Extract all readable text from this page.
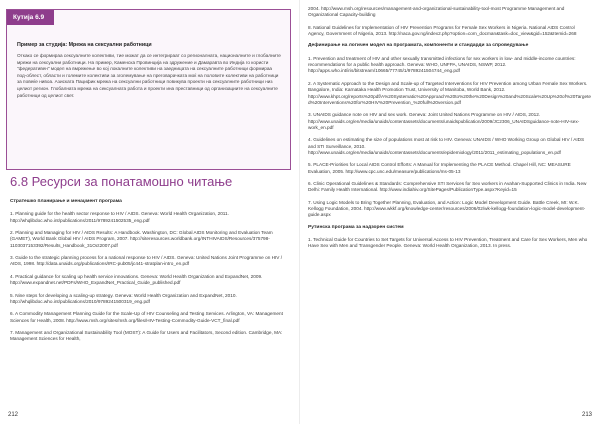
Кутија 6.9
Пример за студија: Мрежа на сексуални работници
Откако се формираа сексуалните колективи, тие можат да се интегрираат со регионалната, националните и глобалните мрежи на сексуални работници. На пример, Каменска Провинција на здружение и Дамаравта во Индија го користи "федеративен" модел на вмрежење во кој локалните колективи на заедницата на сексуалните работници формираа под-облест, области и големите колективи за зголемување на преговарачката моќ на половите колективи на работници за повеќе нивоа. Азиската Пацифик мрежа на сексуални работници повикува проекти на сексуалните работници низ целиот регион. Глобалната мрежа на сексуалната работа и проекти ина преставници од организациите на сексуалните работници од целиот свет.
6.8 Ресурси за понатамошно читање
Стратешко планирање и менаџмент програма

1. Planning guide for the health sector response to HIV / AIDS. Geneva: World Health Organization, 2011. http://whqlibdoc.who.int/publications/2011/9789241502535_eng.pdf

2. Planning and Managing for HIV / AIDS Results: A Handbook. Washington, DC: Global AIDS Monitoring and Evaluation Team (GAMET), World Bank Global HIV / AIDS Program, 2007. http://siteresources.worldbank.org/INTHIVAIDS/Resources/375798-1103037153392/Results_Handbook_31Oct2007.pdf

3. Guide to the strategic planning process for a national response to HIV / AIDS. Geneva: United Nations Joint Programme on HIV / AIDS, 1998. http://data.unaids.org/publications/IRC-pub05/jc441-stratplan-intro_en.pdf

4. Practical guidance for scaling up health service innovations. Geneva: World Health Organization and ExpandNet, 2009. http://www.expandnet.net/PDFs/WHO_ExpandNet_Practical_Guide_published.pdf

5. Nine steps for developing a scaling-up strategy. Geneva: World Health Organization and ExpandNet, 2010. http://whqlibdoc.who.int/publications/2010/9789241500319_eng.pdf

6. A Commodity Management Planning Guide for the Scale-Up of HIV Counseling and Testing Services. Arlington, VA: Management Sciences for Health, 2008. http://www.msh.org/sites/msh.org/files/HIV-Testing-Commodity-Guide-VCT_final.pdf

7. Management and Organizational Sustainability Tool (MOST): A Guide for Users and Facilitators, Second edition. Cambridge, MA: Management Sciences for Health,

212

2004. http://www.msh.org/resources/management-and-organizational-sustainability-tool-most Programme Management and Organizational Capacity-building

8. National Guidelines for Implementation of HIV Prevention Programs for Female Sex Workers in Nigeria. National AIDS Control Agency, Government of Nigeria, 2013. http://naca.gov.ng/index2.php?option=com_docman&task=doc_view&gid=152&Itemid=268

Дефинирање на логичен модел на програмата, компоненти и стандарди за спроведување

1. Prevention and treatment of HIV and other sexually transmitted infections for sex workers in low- and middle-income countries: recommendations for a public health approach. Geneva: WHO, UNFPA, UNAIDS, NSWP, 2012. http://apps.who.int/iris/bitstream/10665/77745/1/9789241504744_eng.pdf

2. A Systematic Approach to the Design and Scale-up of Targeted Interventions for HIV Prevention among Urban Female Sex Workers. Bangalore, India: Karnataka Health Promotion Trust, University of Manitoba, World Bank, 2012. http://www.khpt.org/reports%20pdf/A%20Systematic%20Approach%20to%20the%20Design%20and%20Scale%20Up%20of%20Targeted%20Interventions%20for%20HIV%20Prevention_%20full%20version.pdf

3. UNAIDS guidance note on HIV and sex work. Geneva: Joint United Nations Programme on HIV / AIDS, 2012. http://www.unaids.org/en/media/unaids/contentassets/documents/unaidspublication/2009/JC2306_UNAIDSguidance-note-HIV-sex-work_en.pdf

4. Guidelines on estimating the size of populations most at risk to HIV. Geneva: UNAIDS / WHO Working Group on Global HIV / AIDS and STI Surveillance, 2010. http://www.unaids.org/en/media/unaids/contentassets/documents/epidemiology/2011/2011_estimating_populations_en.pdf

5. PLACE-Priorities for Local AIDS Control Efforts: A Manual for Implementing the PLACE Method. Chapel Hill, NC: MEASURE Evaluation, 2005. http://www.cpc.unc.edu/measure/publications/ms-05-13

6. Clinic Operational Guidelines & Standards: Comprehensive STI Services for Sex workers in Avahan-Supported Clinics in India. New Delhi: Family Health International. http://www.indiahiv.org/SitePages/PublicationType.aspx?Keyid=15

7. Using Logic Models to Bring Together Planning, Evaluation, and Action: Logic Model Development Guide. Battle Creek, MI: W.K. Kellogg Foundation, 2004. http://www.wkkf.org/knowledge-center/resources/2006/02/wk-kellogg-foundation-logic-model-development-guide.aspx

Рутинска програма за надзорен систем

1. Technical Guide for Countries to Set Targets for Universal Access to HIV Prevention, Treatment and Care for Sex Workers, Men who Have Sex with Men and Transgender People. Geneva: World Health Organization, 2013. In press.

213
